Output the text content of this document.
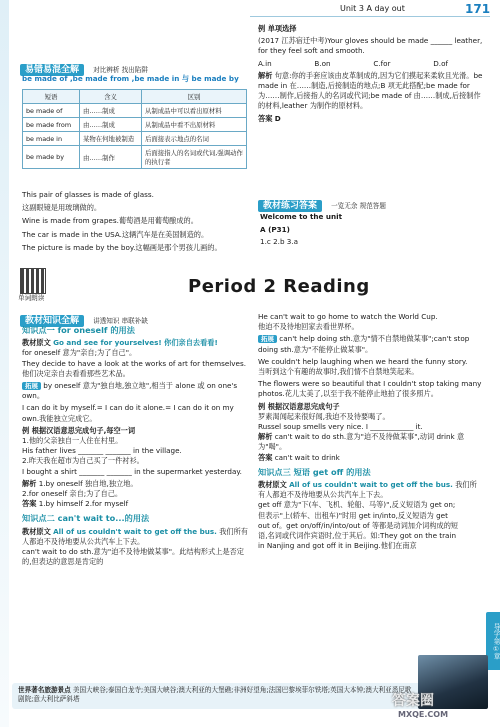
Unit 3 A day out	171
易错易混全解 对比辨析 找出陷阱
be made of ,be made from ,be made in 与 be made by
短语	含义	区别
be made of	由……制成	从制成品中可以看出原材料
be made from	由……制成	从制成品中看不出原材料
be made in	某物在何地被制造	后面接表示地点的名词
be made by	由……制作	后面接指人的名词或代词,强调动作的执行者
This pair of glasses is made of glass.
这副眼镜是用玻璃做的。
Wine is made from grapes.葡萄酒是用葡萄酿成的。
The car is made in the USA.这辆汽车是在美国制造的。
The picture is made by the boy.这幅画是那个男孩儿画的。
单词朗读
例 单项选择
(2017 江苏宿迁中考)Your gloves should be made ______ leather, for they feel soft and smooth.
A.in	B.on	C.for	D.of
解析 句意:你的手套应该由皮革制成的,因为它们摸起来柔软且光滑。be made in 在……制造,后接制造的地点;B 项无此搭配;be made for 为……制作,后接指人的名词或代词;be made of 由……制成,后接制作的材料,leather 为制作的原材料。
答案 D
教材练习答案 一览无余 规范答题
Welcome to the unit
A (P31)
1.c 2.b 3.a
Period 2 Reading
教材知识全解 讲透知识 串联补缺
知识点一 for oneself 的用法
教材原文 Go and see for yourselves! 你们亲自去看看!
for oneself 意为"亲自;为了自己"。
They decide to have a look at the works of art for themselves.他们决定亲自去看看那些艺术品。
拓展 by oneself 意为"独自地,独立地",相当于 alone 或 on one's own。
I can do it by myself.= I can do it alone.= I can do it on my own.我能独立完成它。
例 根据汉语意思完成句子,每空一词
1.他的父亲独自一人住在村里。
His father lives _______ _______ in the village.
2.昨天我在超市为自己买了一件衬衫。
I bought a shirt _______ _______ in the supermarket yesterday.
解析 1.by oneself 独自地,独立地。
2.for oneself 亲自;为了自己。
答案 1.by himself 2.for myself
知识点二 can't wait to...的用法
教材原文 All of us couldn't wait to get off the bus. 我们所有人都迫不及待地要从公共汽车上下去。
can't wait to do sth.意为"迫不及待地做某事"。此结构形式上是否定的,但表达的意思是肯定的
He can't wait to go home to watch the World Cup.
他迫不及待地回家去看世界杯。
拓展 can't help doing sth.意为"情不自禁地做某事";can't stop doing sth.意为"不能停止做某事"。
We couldn't help laughing when we heard the funny story.
当听到这个有趣的故事时,我们情不自禁地笑起来。
The flowers were so beautiful that I couldn't stop taking many photos.花儿太美了,以至于我不能停止地拍了很多照片。
例 根据汉语意思完成句子
罗素渴闻起来很好闻,我迫不及待要喝了。
Russel soup smells very nice. I ____________ it.
解析 can't wait to do sth.意为"迫不及待做某事",动词 drink 意为"喝"。
答案 can't wait to drink
知识点三 短语 get off 的用法
教材原文 All of us couldn't wait to get off the bus. 我们所有人都迫不及待地要从公共汽车上下去。
get off 意为"下(车、飞机、轮船、马等)",反义短语为 get on;但表示"上(轿车、出租车)"时用 get in/into,反义短语为 get out of。get on/off/in/into/out of 等都是动词加介词构成的短语,名词或代词作宾语时,位于其后。如:They got on the train in Nanjing and got off it in Beijing.他们在南京
导学·第①章
世界著名旅游景点 美国大峡谷;泰国白龙寺;美国大峡谷;澳大利亚的大堡礁;非洲好望角;法国巴黎埃菲尔铁塔;英国大本钟;澳大利亚悉尼歌剧院;意大利比萨斜塔	答案圈
MXQE.COM
